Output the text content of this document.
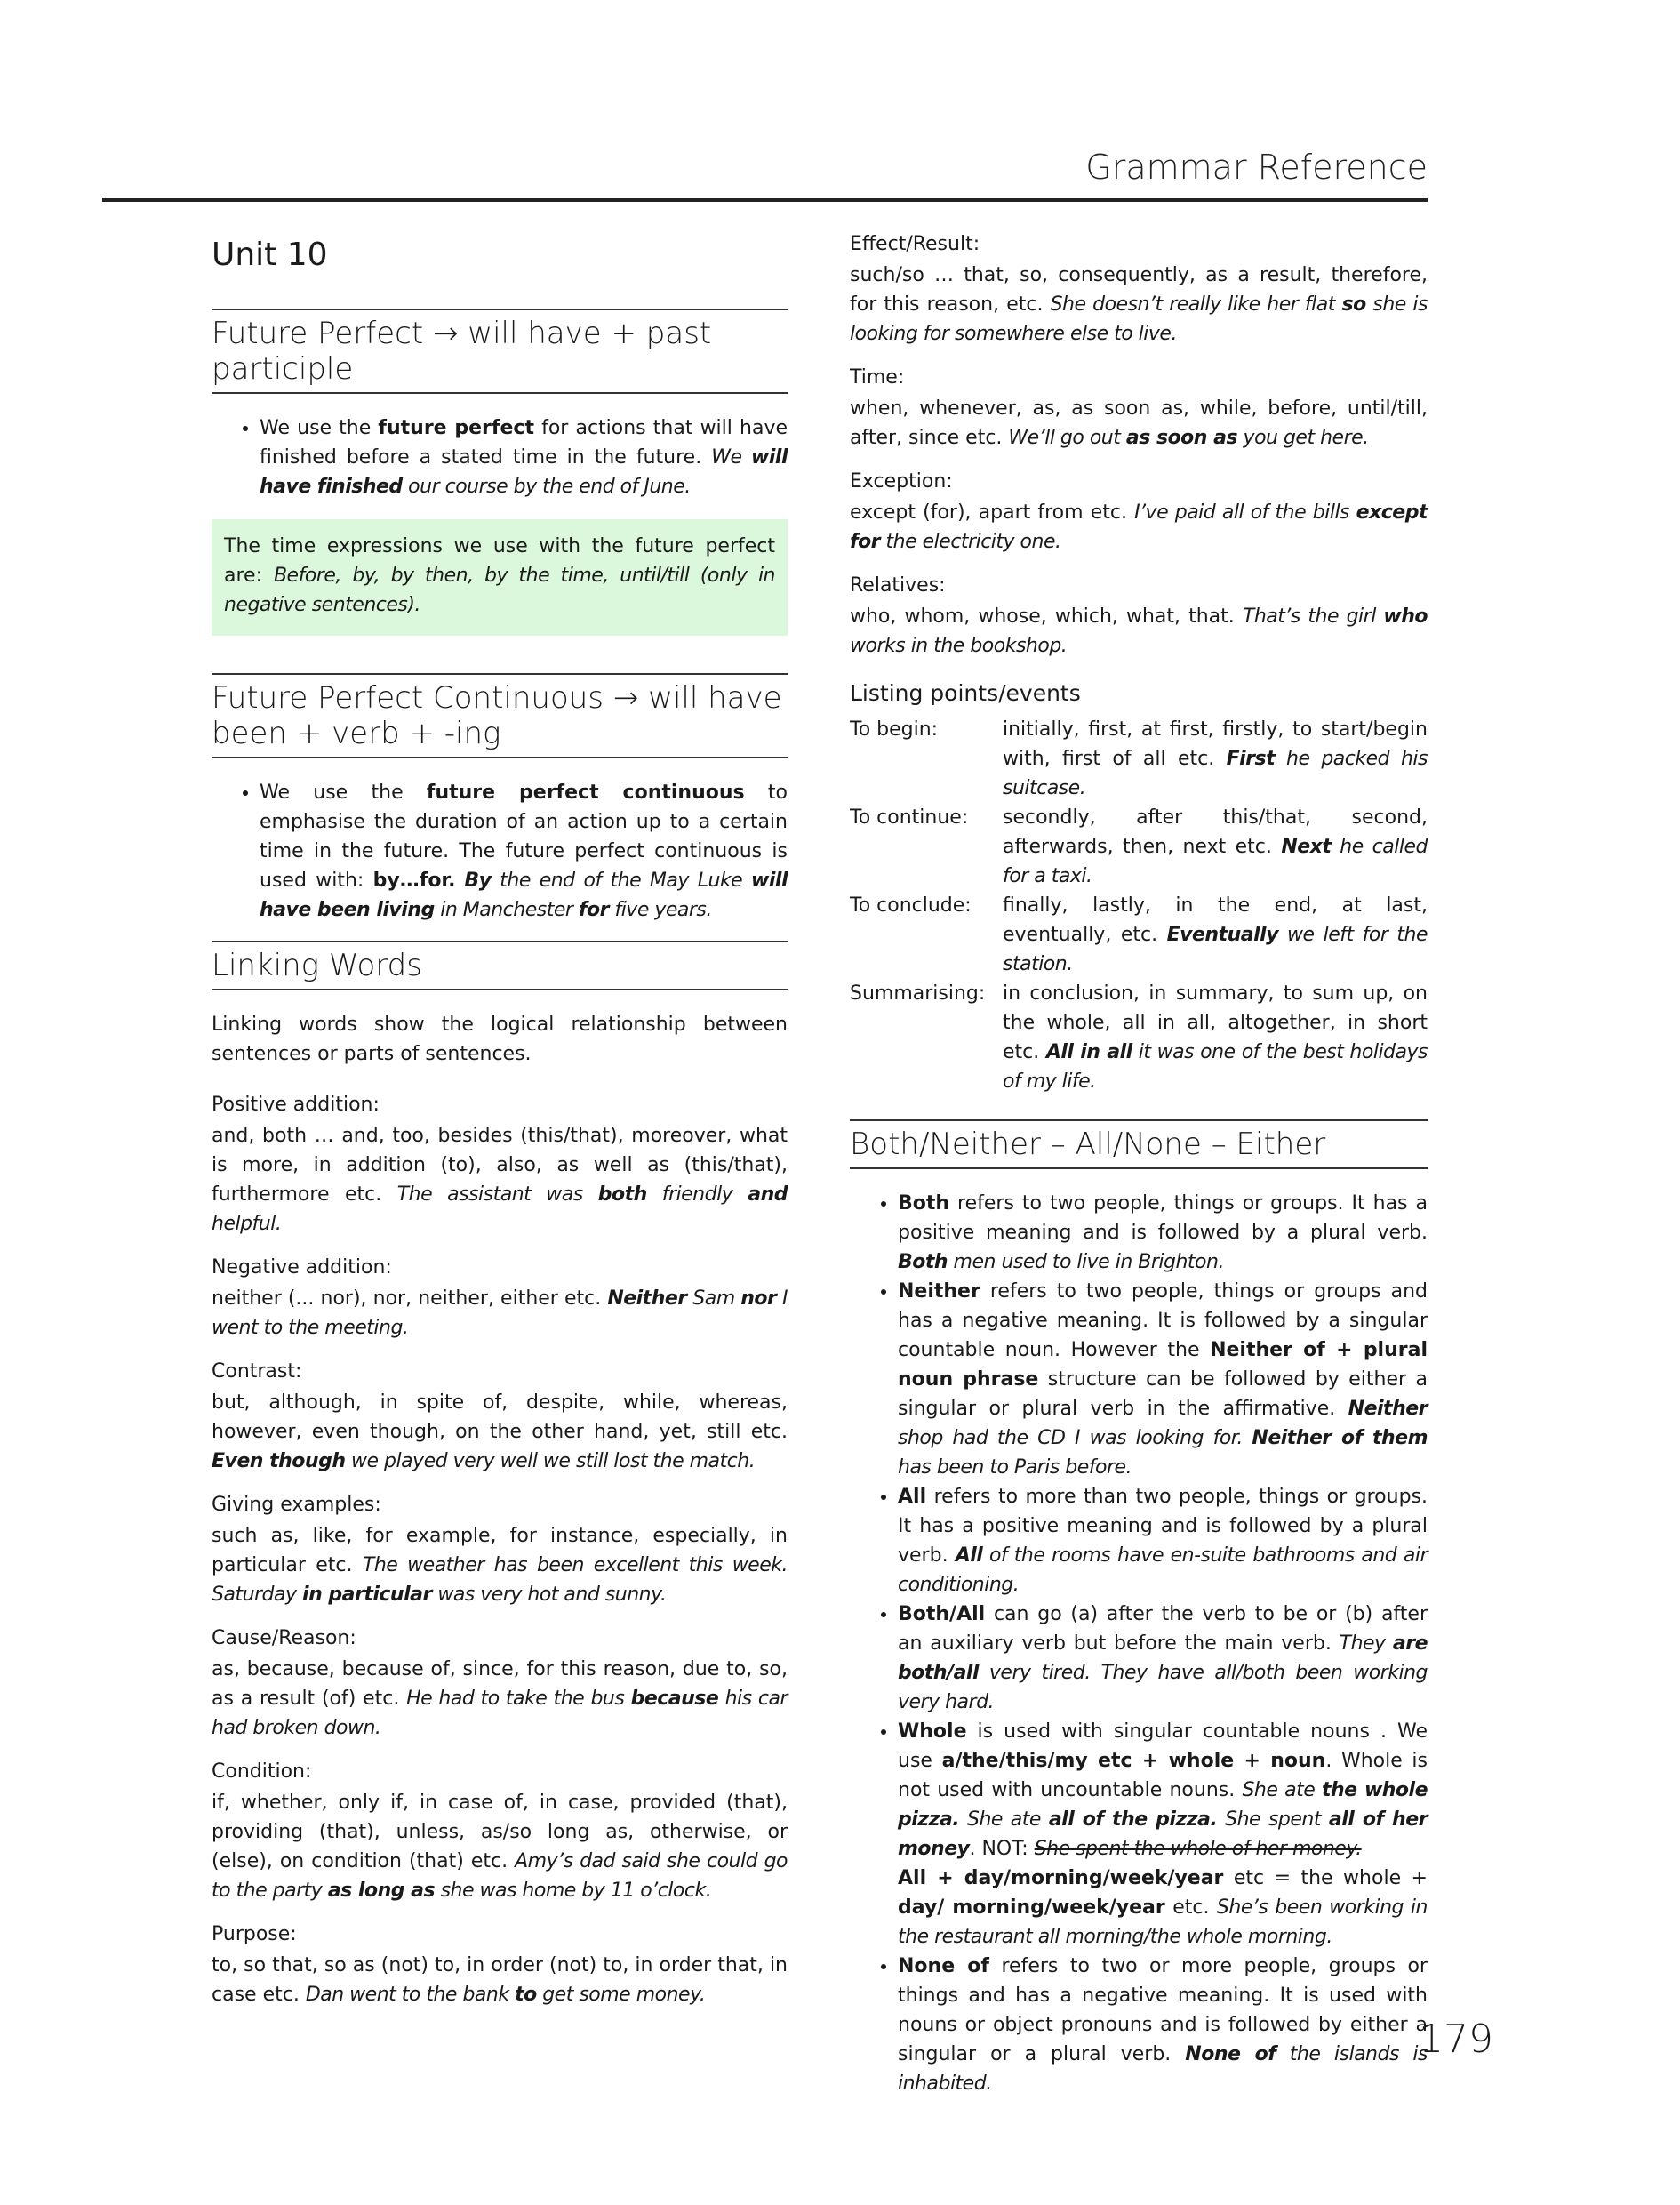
Grammar Reference
Unit 10
Future Perfect → will have + past participle
• We use the future perfect for actions that will have finished before a stated time in the future. We will have finished our course by the end of June.
The time expressions we use with the future perfect are: Before, by, by then, by the time, until/till (only in negative sentences).
Future Perfect Continuous → will have been + verb + -ing
• We use the future perfect continuous to emphasise the duration of an action up to a certain time in the future. The future perfect continuous is used with: by…for. By the end of the May Luke will have been living in Manchester for five years.
Linking Words

Linking words show the logical relationship between sentences or parts of sentences.

Positive addition:

and, both … and, too, besides (this/that), moreover, what is more, in addition (to), also, as well as (this/that), furthermore etc. The assistant was both friendly and helpful.

Negative addition:

neither (... nor), nor, neither, either etc. Neither Sam nor I went to the meeting.

Contrast:

but, although, in spite of, despite, while, whereas, however, even though, on the other hand, yet, still etc. Even though we played very well we still lost the match.

Giving examples:

such as, like, for example, for instance, especially, in particular etc. The weather has been excellent this week. Saturday in particular was very hot and sunny.

Cause/Reason:

as, because, because of, since, for this reason, due to, so, as a result (of) etc. He had to take the bus because his car had broken down.

Condition:

if, whether, only if, in case of, in case, provided (that), providing (that), unless, as/so long as, otherwise, or (else), on condition (that) etc. Amy’s dad said she could go to the party as long as she was home by 11 o’clock.

Purpose:

to, so that, so as (not) to, in order (not) to, in order that, in case etc. Dan went to the bank to get some money.

Effect/Result:

such/so … that, so, consequently, as a result, therefore, for this reason, etc. She doesn’t really like her flat so she is looking for somewhere else to live.

Time:

when, whenever, as, as soon as, while, before, until/till, after, since etc. We’ll go out as soon as you get here.

Exception:

except (for), apart from etc. I’ve paid all of the bills except for the electricity one.

Relatives:

who, whom, whose, which, what, that. That’s the girl who works in the bookshop.

Listing points/events
To begin:	initially, first, at first, firstly, to start/begin with, first of all etc. First he packed his suitcase.
To continue:	secondly, after this/that, second, afterwards, then, next etc. Next he called for a taxi.
To conclude:	finally, lastly, in the end, at last, eventually, etc. Eventually we left for the station.
Summarising: in conclusion, in summary, to sum up, on the whole, all in all, altogether, in short etc. All in all it was one of the best holidays of my life.
Both/Neither – All/None – Either
• Both refers to two people, things or groups. It has a positive meaning and is followed by a plural verb. Both men used to live in Brighton.
• Neither refers to two people, things or groups and has a negative meaning. It is followed by a singular countable noun. However the Neither of + plural noun phrase structure can be followed by either a singular or plural verb in the affirmative. Neither shop had the CD I was looking for. Neither of them has been to Paris before.
• All refers to more than two people, things or groups. It has a positive meaning and is followed by a plural verb. All of the rooms have en-suite bathrooms and air conditioning.
• Both/All can go (a) after the verb to be or (b) after an auxiliary verb but before the main verb. They are both/all very tired. They have all/both been working very hard.
• Whole is used with singular countable nouns . We use a/the/this/my etc + whole + noun. Whole is not used with uncountable nouns. She ate the whole pizza. She ate all of the pizza. She spent all of her money. NOT: She spent the whole of her money.
All + day/morning/week/year etc = the whole + day/ morning/week/year etc. She’s been working in the restaurant all morning/the whole morning.
• None of refers to two or more people, groups or things and has a negative meaning. It is used with nouns or object pronouns and is followed by either a singular or a plural verb. None of the islands is inhabited.
179
